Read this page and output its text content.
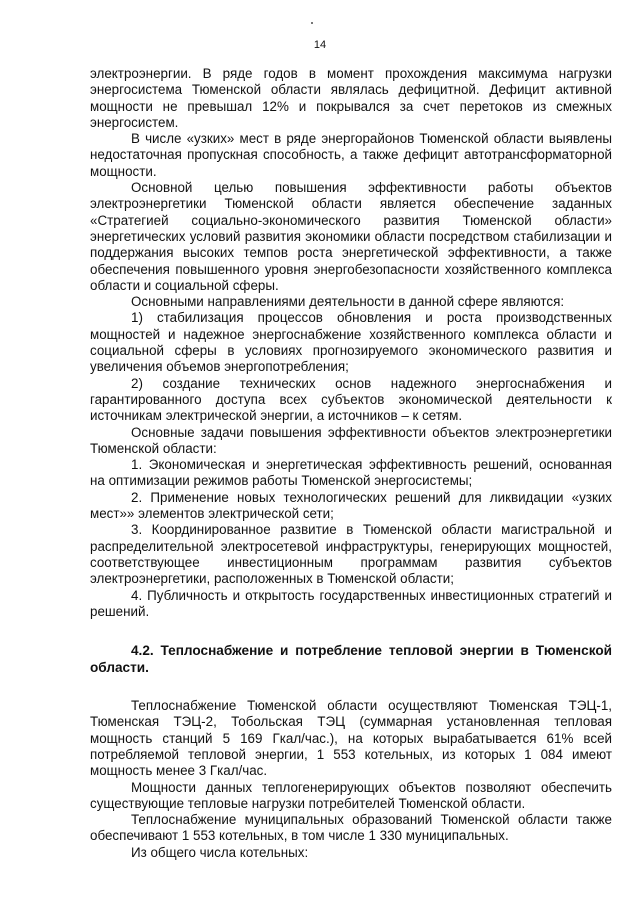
14

электроэнергии. В ряде годов в момент прохождения максимума нагрузки энергосистема Тюменской области являлась дефицитной. Дефицит активной мощности не превышал 12% и покрывался за счет перетоков из смежных энергосистем.

В числе «узких» мест в ряде энергорайонов Тюменской области выявлены недостаточная пропускная способность, а также дефицит автотрансформаторной мощности.

Основной целью повышения эффективности работы объектов электроэнергетики Тюменской области является обеспечение заданных «Стратегией социально-экономического развития Тюменской области» энергетических условий развития экономики области посредством стабилизации и поддержания высоких темпов роста энергетической эффективности, а также обеспечения повышенного уровня энергобезопасности хозяйственного комплекса области и социальной сферы.

Основными направлениями деятельности в данной сфере являются:

1) стабилизация процессов обновления и роста производственных мощностей и надежное энергоснабжение хозяйственного комплекса области и социальной сферы в условиях прогнозируемого экономического развития и увеличения объемов энергопотребления;

2) создание технических основ надежного энергоснабжения и гарантированного доступа всех субъектов экономической деятельности к источникам электрической энергии, а источников – к сетям.

Основные задачи повышения эффективности объектов электроэнергетики Тюменской области:

1. Экономическая и энергетическая эффективность решений, основанная на оптимизации режимов работы Тюменской энергосистемы;

2. Применение новых технологических решений для ликвидации «узких мест»» элементов электрической сети;

3. Координированное развитие в Тюменской области магистральной и распределительной электросетевой инфраструктуры, генерирующих мощностей, соответствующее инвестиционным программам развития субъектов электроэнергетики, расположенных в Тюменской области;

4. Публичность и открытость государственных инвестиционных стратегий и решений.

4.2. Теплоснабжение и потребление тепловой энергии в Тюменской области.

Теплоснабжение Тюменской области осуществляют Тюменская ТЭЦ-1, Тюменская ТЭЦ-2, Тобольская ТЭЦ (суммарная установленная тепловая мощность станций 5 169 Гкал/час.), на которых вырабатывается 61% всей потребляемой тепловой энергии, 1 553 котельных, из которых 1 084 имеют мощность менее 3 Гкал/час.

Мощности данных теплогенерирующих объектов позволяют обеспечить существующие тепловые нагрузки потребителей Тюменской области.

Теплоснабжение муниципальных образований Тюменской области также обеспечивают 1 553 котельных, в том числе 1 330 муниципальных.

Из общего числа котельных:
